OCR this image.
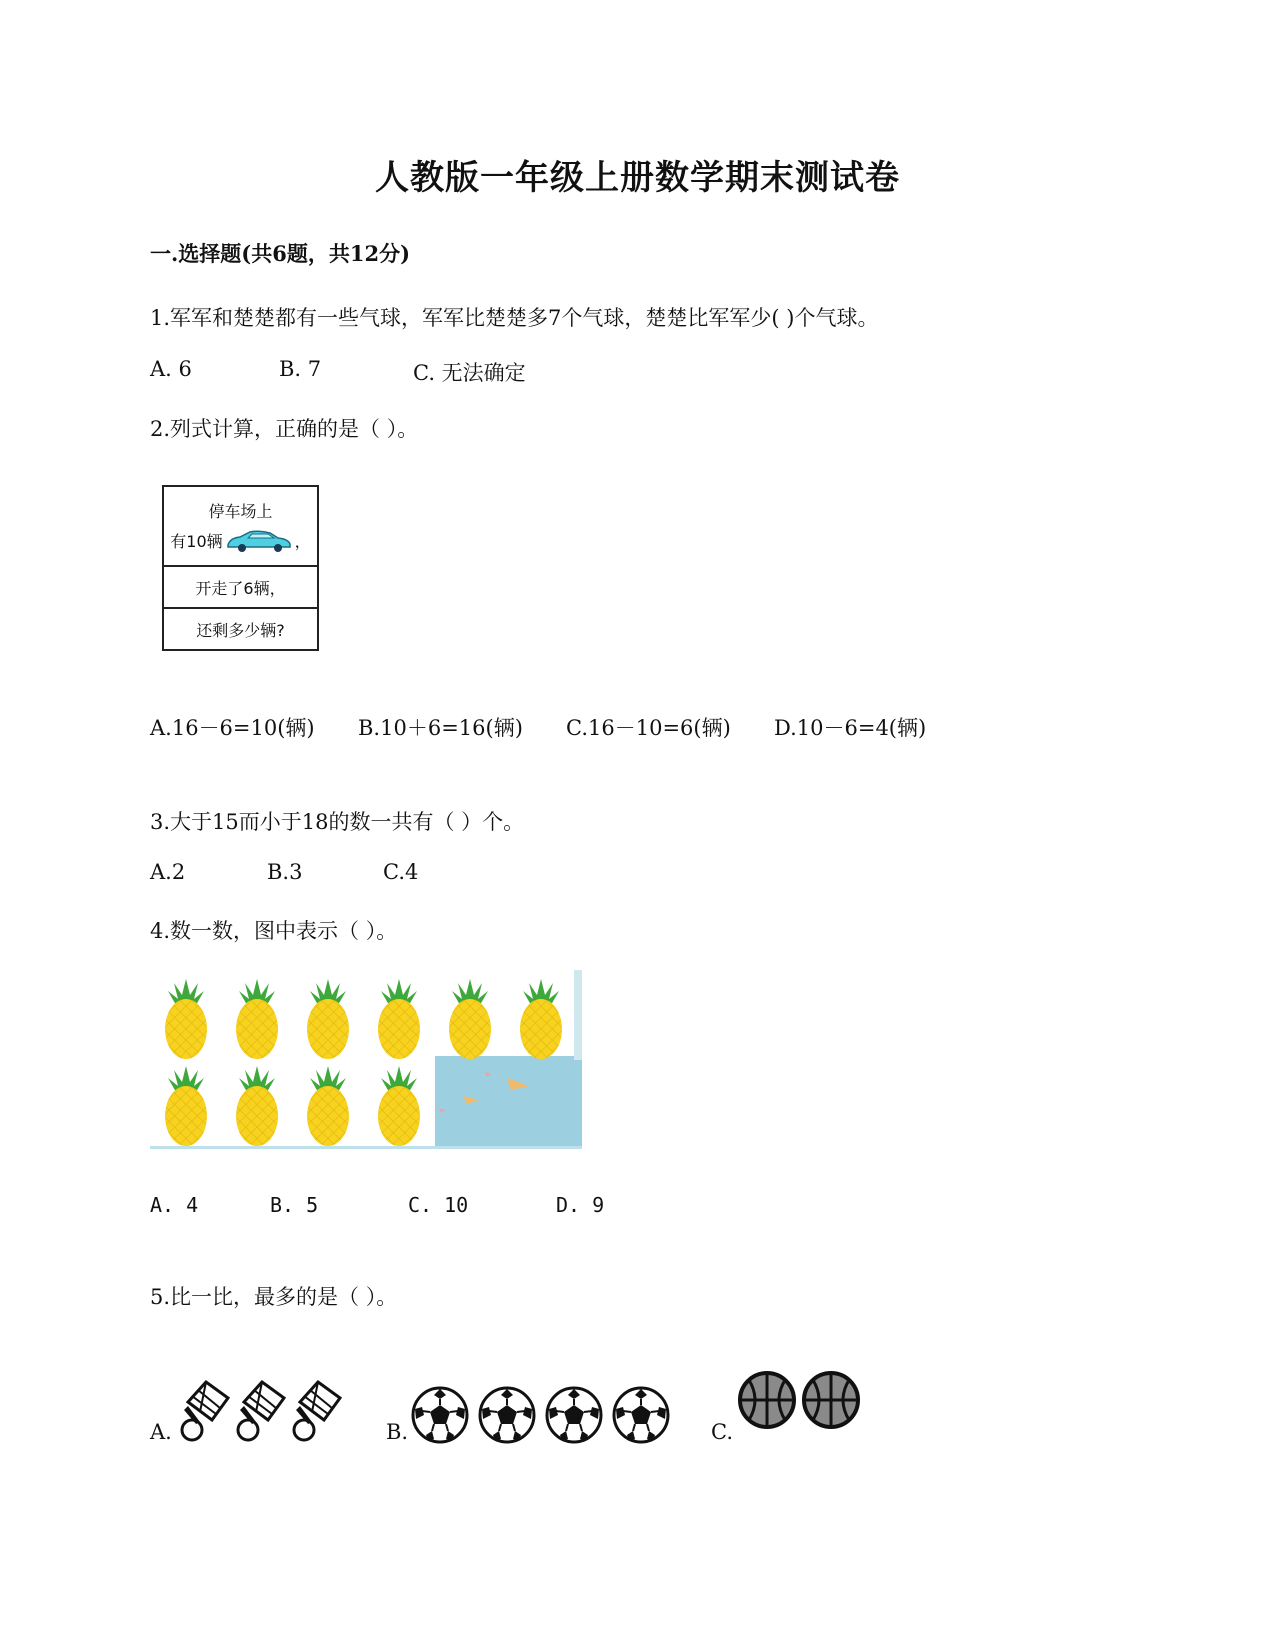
人教版一年级上册数学期末测试卷
一.选择题(共6题，共12分)
1.军军和楚楚都有一些气球，军军比楚楚多7个气球，楚楚比军军少( )个气球。
A. 6	B. 7	C. 无法确定
2.列式计算，正确的是（ ）。
停车场上
有10辆	，
开走了6辆，
还剩多少辆?
A.16－6=10(辆) B.10＋6=16(辆) C.16－10=6(辆) D.10－6=4(辆)
3.大于15而小于18的数一共有（ ）个。
A.2	B.3	C.4
4.数一数，图中表示（ ）。
A. 4	B. 5	C. 10	D. 9
5.比一比，最多的是（ ）。
A.	B.	C.
